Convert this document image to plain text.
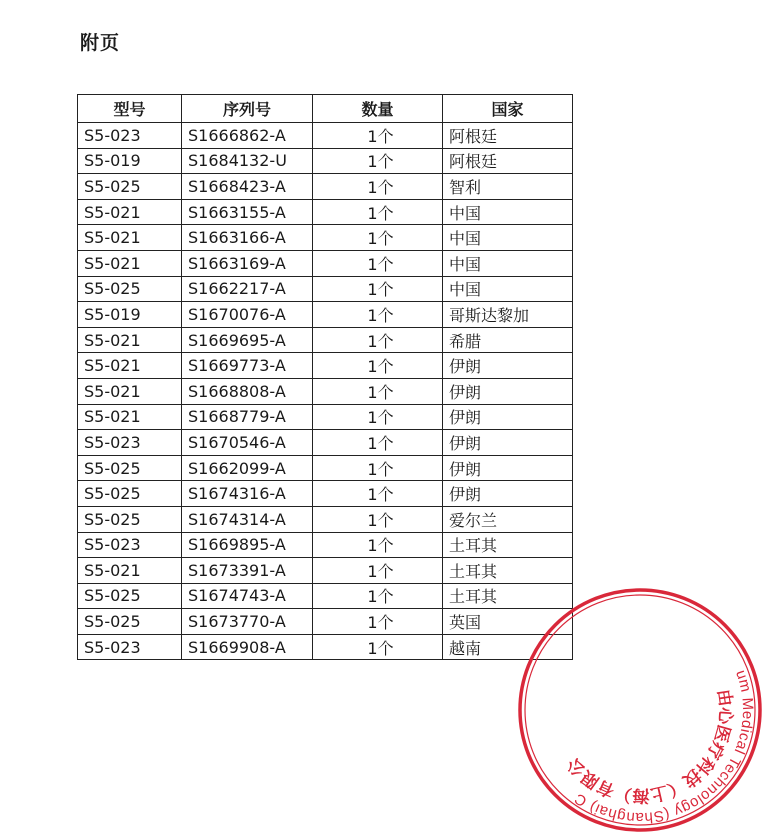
附页
型号	序列号	数量	国家
S5-023	S1666862-A	1个	阿根廷
S5-019	S1684132-U	1个	阿根廷
S5-025	S1668423-A	1个	智利
S5-021	S1663155-A	1个	中国
S5-021	S1663166-A	1个	中国
S5-021	S1663169-A	1个	中国
S5-025	S1662217-A	1个	中国
S5-019	S1670076-A	1个	哥斯达黎加
S5-021	S1669695-A	1个	希腊
S5-021	S1669773-A	1个	伊朗
S5-021	S1668808-A	1个	伊朗
S5-021	S1668779-A	1个	伊朗
S5-023	S1670546-A	1个	伊朗
S5-025	S1662099-A	1个	伊朗
S5-025	S1674316-A	1个	伊朗
S5-025	S1674314-A	1个	爱尔兰
S5-023	S1669895-A	1个	土耳其
S5-021	S1673391-A	1个	土耳其
S5-025	S1674743-A	1个	土耳其
S5-025	S1673770-A	1个	英国
S5-023	S1669908-A	1个	越南
um Medical Technology (Shanghai) C
由心医疗科技（上海）有限公
